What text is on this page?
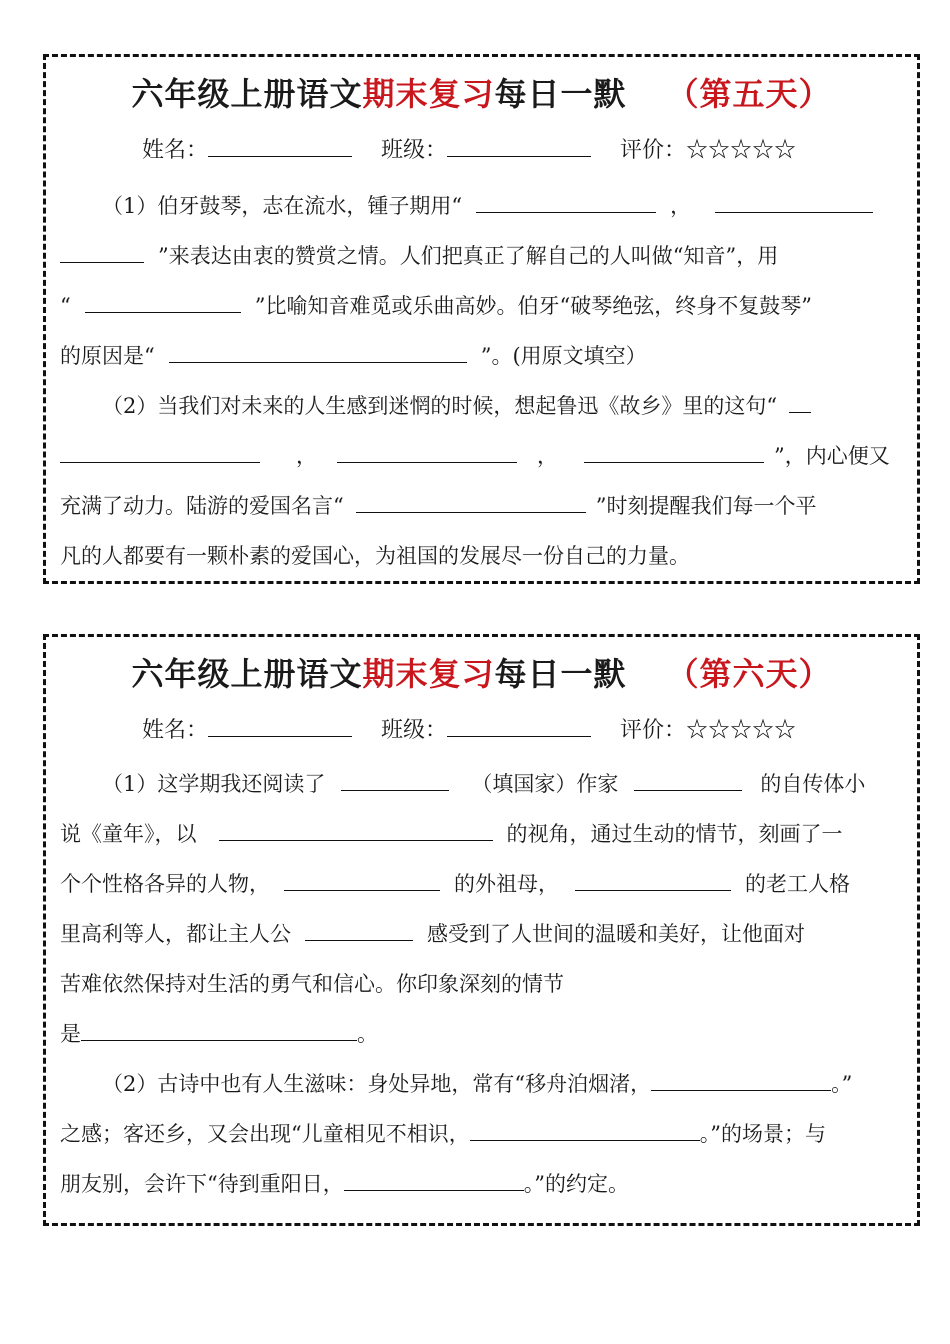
六年级上册语文期末复习每日一默 （第五天）
姓名：	班级：	评价：☆☆☆☆☆
（1）伯牙鼓琴，志在流水，锺子期用“	，
”来表达由衷的赞赏之情。人们把真正了解自己的人叫做“知音”，用
“	”比喻知音难觅或乐曲高妙。伯牙“破琴绝弦，终身不复鼓琴”
的原因是“	”。(用原文填空）
（2）当我们对未来的人生感到迷惘的时候，想起鲁迅《故乡》里的这句“
，	，	”，内心便又
充满了动力。陆游的爱国名言“	”时刻提醒我们每一个平
凡的人都要有一颗朴素的爱国心，为祖国的发展尽一份自己的力量。
六年级上册语文期末复习每日一默 （第六天）
姓名：	班级：	评价：☆☆☆☆☆
（1）这学期我还阅读了	（填国家）作家	的自传体小
说《童年》，以	的视角，通过生动的情节，刻画了一
个个性格各异的人物，	的外祖母，	的老工人格
里高利等人，都让主人公	感受到了人世间的温暖和美好，让他面对
苦难依然保持对生活的勇气和信心。你印象深刻的情节
是	。
（2）古诗中也有人生滋味：身处异地，常有“移舟泊烟渚，	。”
之感；客还乡，又会出现“儿童相见不相识，	。”的场景；与
朋友别，会许下“待到重阳日，	。”的约定。
